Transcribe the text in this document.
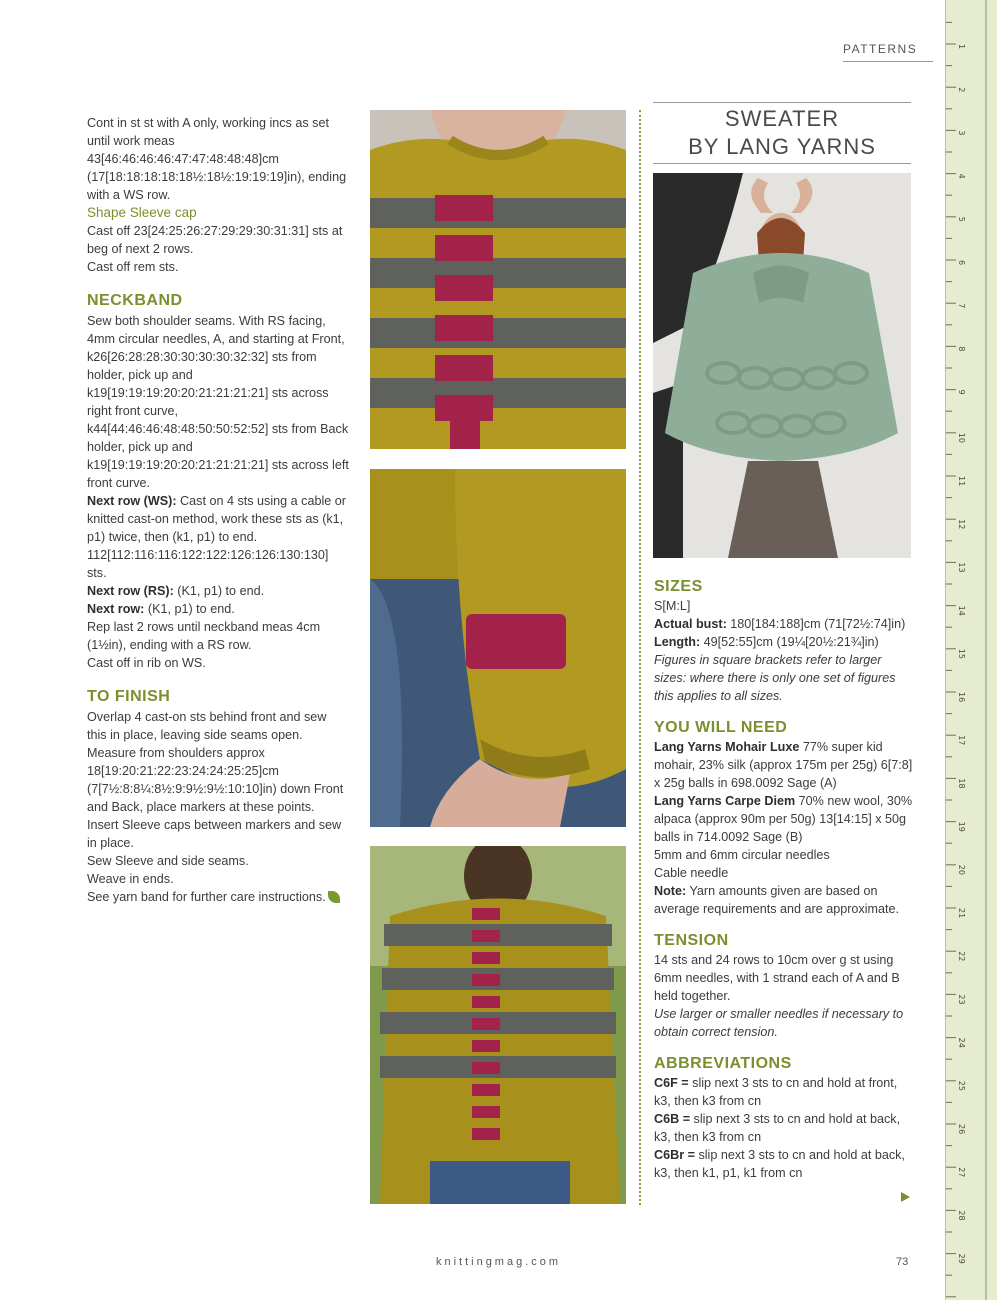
PATTERNS

Cont in st st with A only, working incs as set until work meas 43[46:46:46:46:47:47:48:48:48]cm (17[18:18:18:18:18½:18½:19:19:19]in), ending with a WS row.

Shape Sleeve cap

Cast off 23[24:25:26:27:29:29:30:31:31] sts at beg of next 2 rows.

Cast off rem sts.

NECKBAND

Sew both shoulder seams. With RS facing, 4mm circular needles, A, and starting at Front, k26[26:28:28:30:30:30:30:32:32] sts from holder, pick up and k19[19:19:19:20:20:21:21:21:21] sts across right front curve, k44[44:46:46:48:48:50:50:52:52] sts from Back holder, pick up and k19[19:19:19:20:20:21:21:21:21] sts across left front curve.

Next row (WS): Cast on 4 sts using a cable or knitted cast-on method, work these sts as (k1, p1) twice, then (k1, p1) to end. 112[112:116:116:122:122:126:126:130:130] sts.

Next row (RS): (K1, p1) to end.

Next row: (K1, p1) to end.

Rep last 2 rows until neckband meas 4cm (1½in), ending with a RS row.

Cast off in rib on WS.

TO FINISH

Overlap 4 cast-on sts behind front and sew this in place, leaving side seams open. Measure from shoulders approx 18[19:20:21:22:23:24:24:25:25]cm (7[7½:8:8¼:8½:9:9½:9½:10:10]in) down Front and Back, place markers at these points. Insert Sleeve caps between markers and sew in place.

Sew Sleeve and side seams.

Weave in ends.

See yarn band for further care instructions.

SWEATER
BY LANG YARNS

SIZES

S[M:L]

Actual bust: 180[184:188]cm (71[72½:74]in)

Length: 49[52:55]cm (19¼[20½:21¾]in)

Figures in square brackets refer to larger sizes: where there is only one set of figures this applies to all sizes.

YOU WILL NEED

Lang Yarns Mohair Luxe 77% super kid mohair, 23% silk (approx 175m per 25g) 6[7:8] x 25g balls in 698.0092 Sage (A)

Lang Yarns Carpe Diem 70% new wool, 30% alpaca (approx 90m per 50g) 13[14:15] x 50g balls in 714.0092 Sage (B)

5mm and 6mm circular needles

Cable needle

Note: Yarn amounts given are based on average requirements and are approximate.

TENSION

14 sts and 24 rows to 10cm over g st using 6mm needles, with 1 strand each of A and B held together.

Use larger or smaller needles if necessary to obtain correct tension.

ABBREVIATIONS

C6F = slip next 3 sts to cn and hold at front, k3, then k3 from cn

C6B = slip next 3 sts to cn and hold at back, k3, then k3 from cn

C6Br = slip next 3 sts to cn and hold at back, k3, then k1, p1, k1 from cn

knittingmag.com	73
1
2
3
4
5
6
7
8
9
10
11
12
13
14
15
16
17
18
19
20
21
22
23
24
25
26
27
28
29
